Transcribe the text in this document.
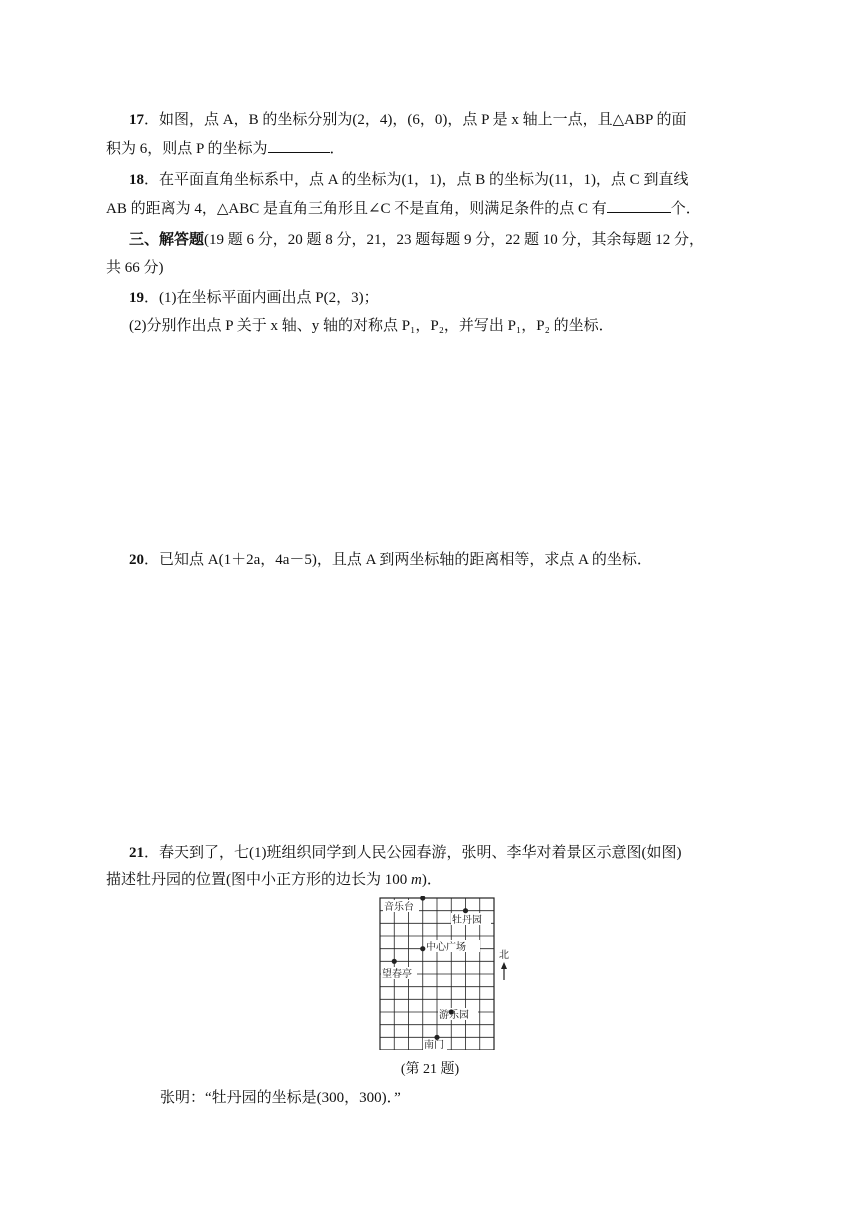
17．如图，点 A，B 的坐标分别为(2，4)，(6，0)，点 P 是 x 轴上一点，且△ABP 的面
积为 6，则点 P 的坐标为	．
18．在平面直角坐标系中，点 A 的坐标为(1，1)，点 B 的坐标为(11，1)，点 C 到直线
AB 的距离为 4，△ABC 是直角三角形且∠C 不是直角，则满足条件的点 C 有	个．
三、解答题(19 题 6 分，20 题 8 分，21，23 题每题 9 分，22 题 10 分，其余每题 12 分，
共 66 分)
19．(1)在坐标平面内画出点 P(2，3)；
(2)分别作出点 P 关于 x 轴、y 轴的对称点 P₁，P₂，并写出 P₁，P₂ 的坐标．
20．已知点 A(1＋2a，4a－5)，且点 A 到两坐标轴的距离相等，求点 A 的坐标．
21．春天到了，七(1)班组织同学到人民公园春游，张明、李华对着景区示意图(如图)
描述牡丹园的位置(图中小正方形的边长为 100 m)．
音乐台
牡丹园
中心广场
望春亭
游乐园
南门
北
(第 21 题)
张明：“牡丹园的坐标是(300，300)．”
